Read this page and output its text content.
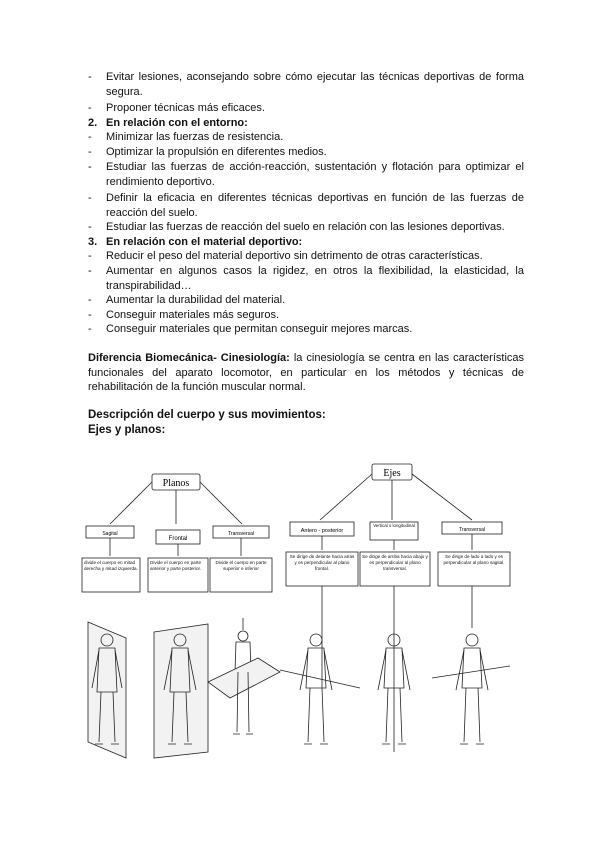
-	Evitar lesiones, aconsejando sobre cómo ejecutar las técnicas deportivas de forma segura.
-	Proponer técnicas más eficaces.
2. En relación con el entorno:
-	Minimizar las fuerzas de resistencia.
-	Optimizar la propulsión en diferentes medios.
-	Estudiar las fuerzas de acción-reacción, sustentación y flotación para optimizar el rendimiento deportivo.
-	Definir la eficacia en diferentes técnicas deportivas en función de las fuerzas de reacción del suelo.
-	Estudiar las fuerzas de reacción del suelo en relación con las lesiones deportivas.
3. En relación con el material deportivo:
-	Reducir el peso del material deportivo sin detrimento de otras características.
-	Aumentar en algunos casos la rigidez, en otros la flexibilidad, la elasticidad, la transpirabilidad…
-	Aumentar la durabilidad del material.
-	Conseguir materiales más seguros.
-	Conseguir materiales que permitan conseguir mejores marcas.
Diferencia Biomecánica- Cinesiología: la cinesiología se centra en las características funcionales del aparato locomotor, en particular en los métodos y técnicas de rehabilitación de la función muscular normal.
Descripción del cuerpo y sus movimientos:
Ejes y planos:
Planos
Ejes
Sagital
Frontal
Transversal
divide el cuerpo en mitad derecha y mitad izquierda.
Divide el cuerpo en parte anterior y parte posterior.
Divide el cuerpo en parte superior e inferior
Antero - posterior
Vertical o longitudinal
Transversal
Se dirige de delante hacia atrás y es perpendicular al plano frontal.
Se dirige de arriba hacia abajo y es perpendicular al plano transversal.
Se dirige de lado a lado y es perpendicular al plano sagital.
